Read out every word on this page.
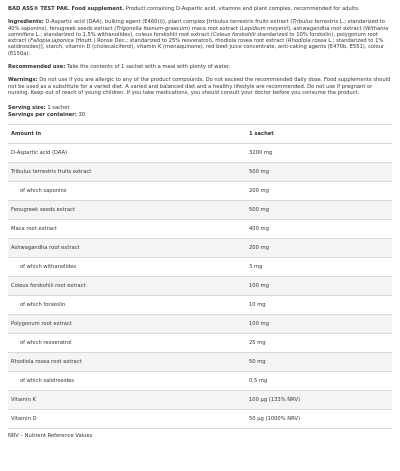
BAD ASS® TEST PAK. Food supplement. Product containing D-Aspartic acid, vitamins and plant complex, recommended for adults.

Ingredients: D-Aspartic acid (DAA), bulking agent (E460(i)), plant complex [tribulus terrestris fruits extract (Tribulus terrestris L.; standarized to 40% saponins), fenugreek seeds extract (Trigonella foenum-graecum) maca root extract (Lepidium meyenii), ashwagandha root extract (Withania somnifera L.; standarized to 1.5% withanolides), coleus forskohlii root extract (Coleus forskohlii standarized to 10% forskolin), polygonum root extract (Fallopia japonica (Houtt.) Ronse Dec.; standarized to 25% resveratrol), rhodiola rosea root extract (Rhodiola rosea L.; standarized to 1% salidrosides)], starch, vitamin D (cholecalciferol), vitamin K (menaquinone), red beet juice concentrate, anti-caking agents (E470b, E551), colour (E150a).

Recommended use: Take the contents of 1 sachet with a meal with plenty of water.

Warnings: Do not use if you are allergic to any of the product compounds. Do not exceed the recommended daily dose. Food supplements should not be used as a substitute for a varied diet. A varied and balanced diet and a healthy lifestyle are recommended. Do not use if pregnant or nursing. Keep out of reach of young children. If you take medications, you should consult your doctor before you consume the product.

Serving size: 1 sachet
Servings per container: 30
Amount in	1 sachet
D-Aspartic acid (DAA)	3200 mg
Tribulus terrestris fruits extract	500 mg
of which saponins	200 mg
Fenugreek seeds extract	500 mg
Maca root extract	400 mg
Ashwagandha root extract	200 mg
of which withanolides	3 mg
Coleus forskohlii root extract	100 mg
of which forskolin	10 mg
Polygonum root extract	100 mg
of which resveratrol	25 mg
Rhodiola rosea root extract	50 mg
of which salidrosides	0,5 mg
Vitamin K	100 μg (133% NRV)
Vitamin D	50 μg (1000% NRV)
NRV – Nutrient Reference Values
